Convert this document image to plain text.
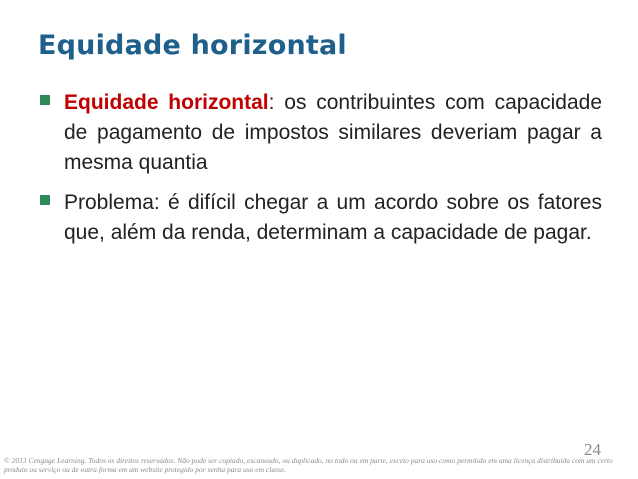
Equidade horizontal
Equidade horizontal: os contribuintes com capacidade de pagamento de impostos similares deveriam pagar a mesma quantia
Problema: é difícil chegar a um acordo sobre os fatores que, além da renda, determinam a capacidade de pagar.
24
© 2013 Cengage Learning. Todos os direitos reservados. Não pode ser copiado, escaneado, ou duplicado, no todo ou em parte, exceto para uso como permitido em uma licença distribuída com um certo produto ou serviço ou de outra forma em um website protegido por senha para uso em classe.
